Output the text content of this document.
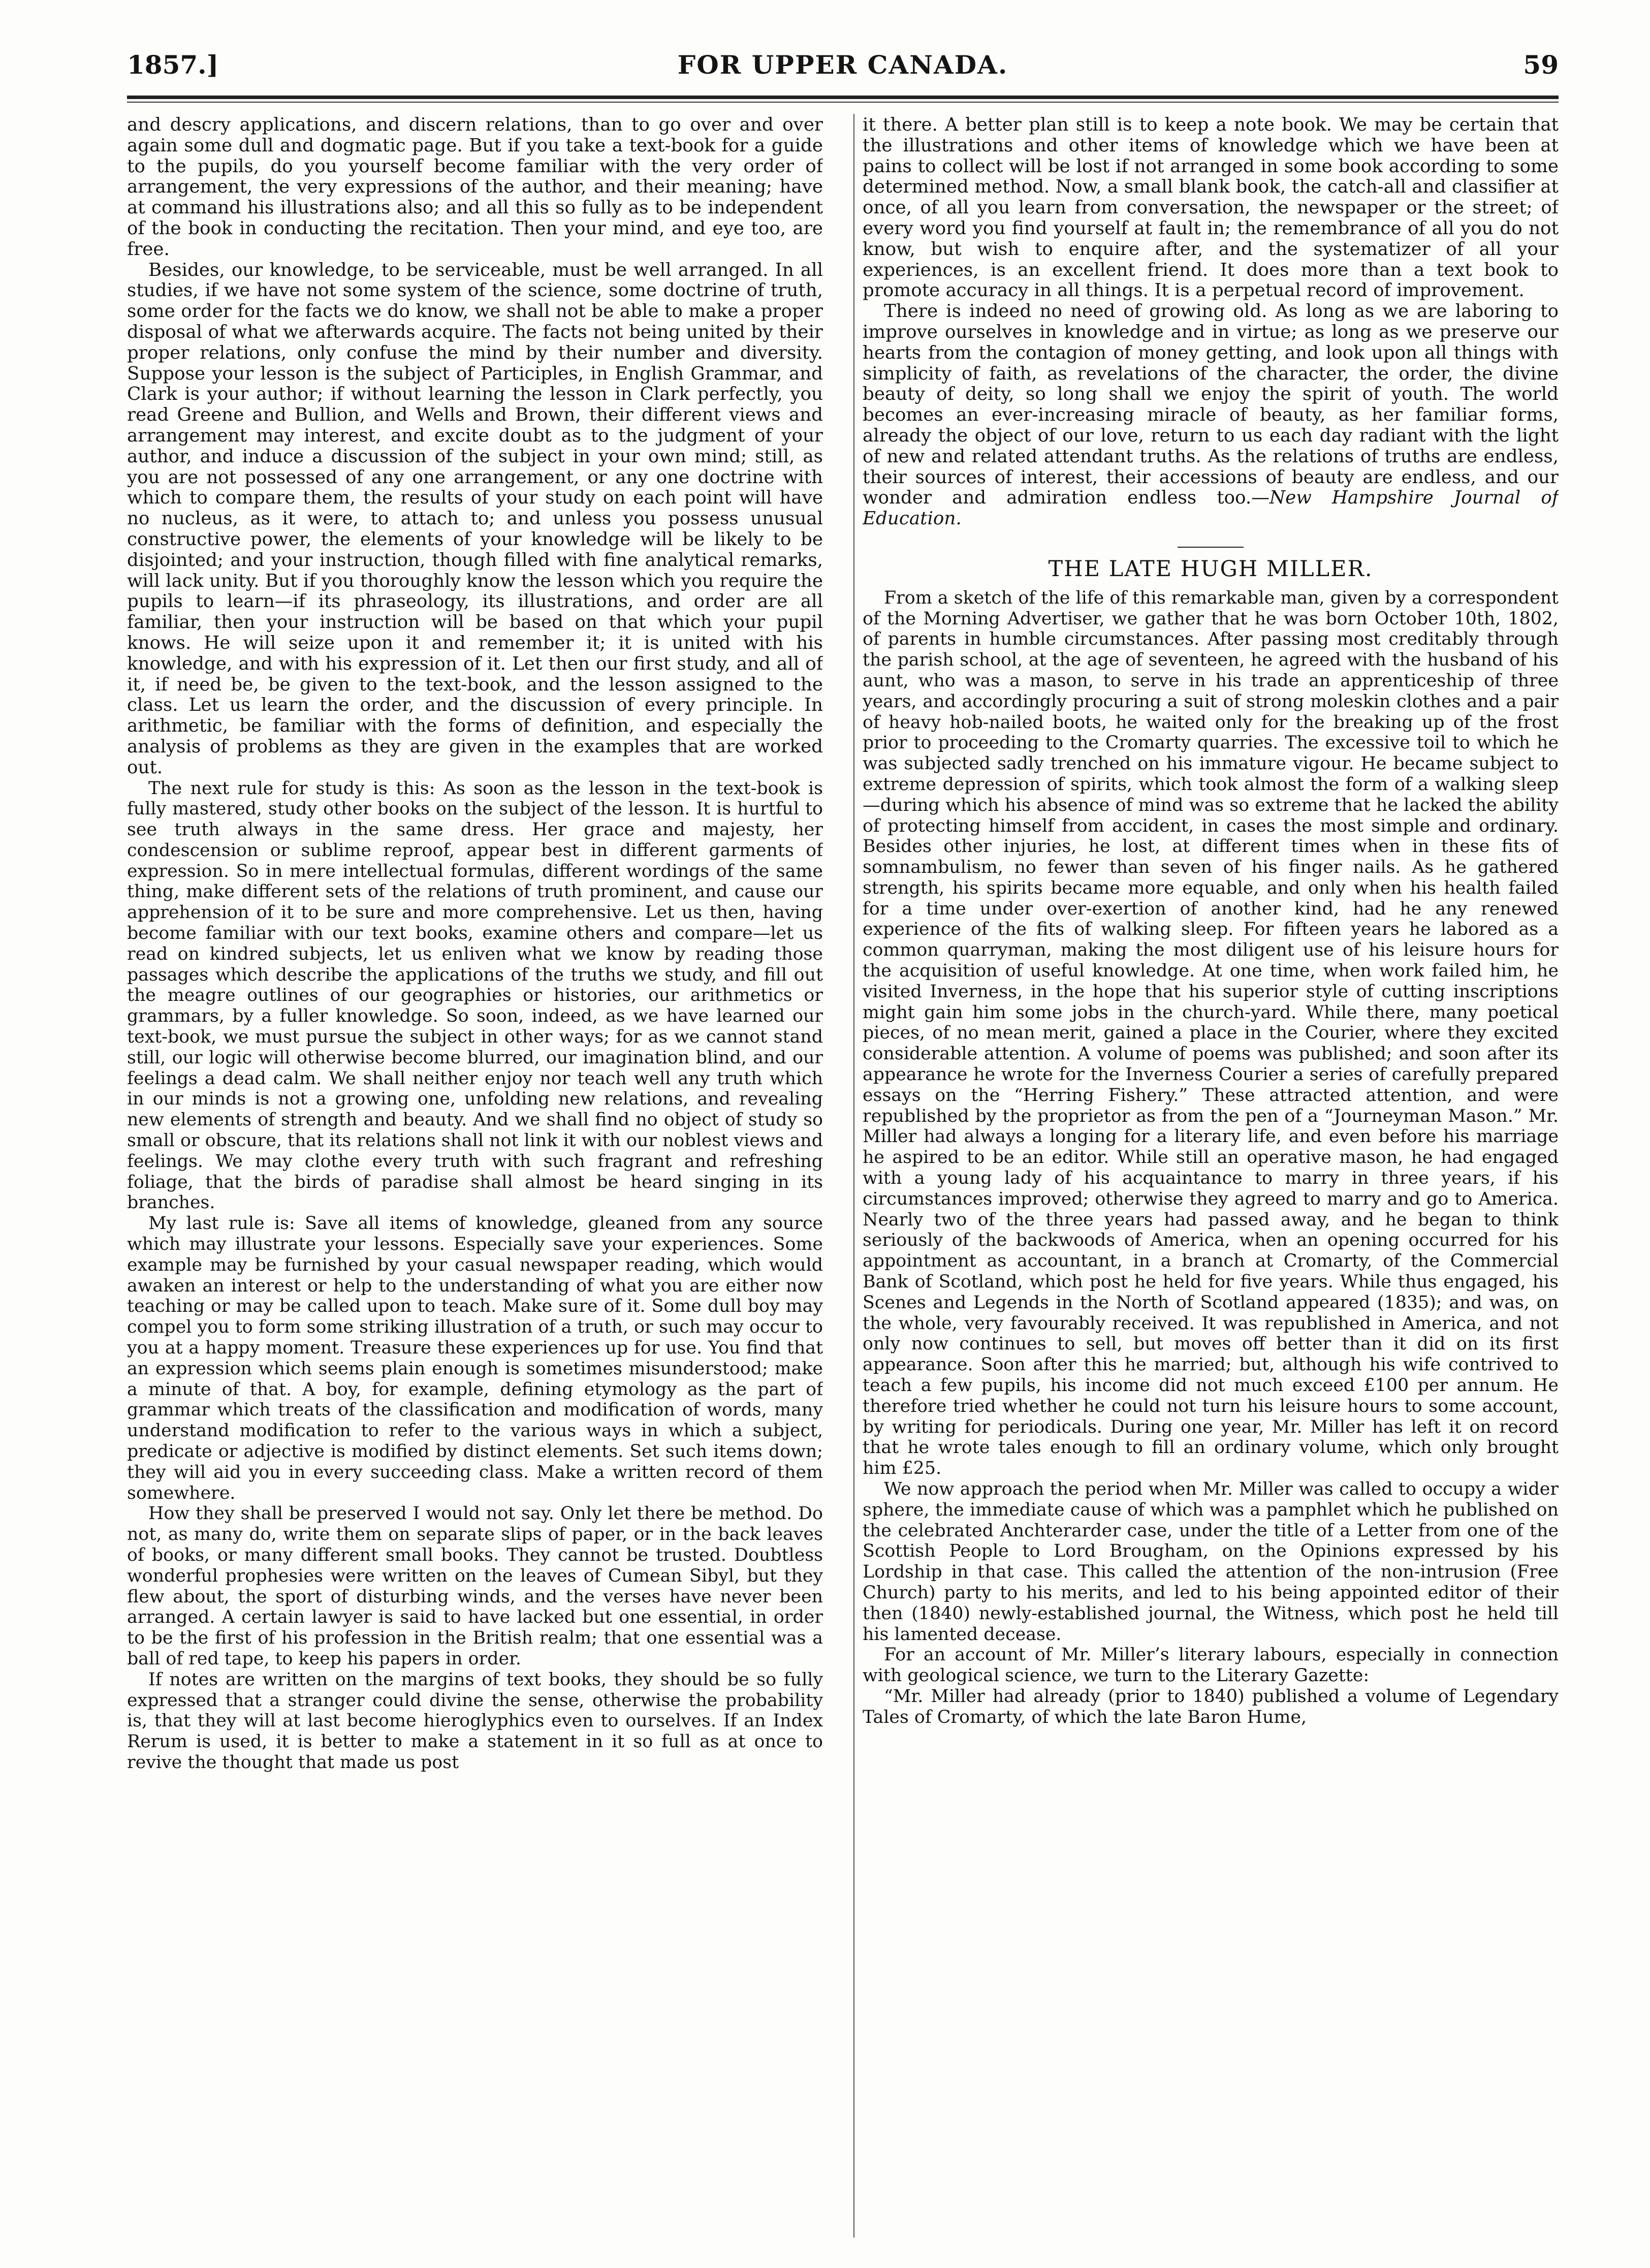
1857.]	FOR UPPER CANADA.	59

and descry applications, and discern relations, than to go over and over again some dull and dogmatic page. But if you take a text-book for a guide to the pupils, do you yourself become familiar with the very order of arrangement, the very expressions of the author, and their meaning; have at command his illustrations also; and all this so fully as to be independent of the book in conducting the recitation. Then your mind, and eye too, are free.

Besides, our knowledge, to be serviceable, must be well arranged. In all studies, if we have not some system of the science, some doctrine of truth, some order for the facts we do know, we shall not be able to make a proper disposal of what we afterwards acquire. The facts not being united by their proper relations, only confuse the mind by their number and diversity. Suppose your lesson is the subject of Participles, in English Grammar, and Clark is your author; if without learning the lesson in Clark perfectly, you read Greene and Bullion, and Wells and Brown, their different views and arrangement may interest, and excite doubt as to the judgment of your author, and induce a discussion of the subject in your own mind; still, as you are not possessed of any one arrangement, or any one doctrine with which to compare them, the results of your study on each point will have no nucleus, as it were, to attach to; and unless you possess unusual constructive power, the elements of your knowledge will be likely to be disjointed; and your instruction, though filled with fine analytical remarks, will lack unity. But if you thoroughly know the lesson which you require the pupils to learn—if its phraseology, its illustrations, and order are all familiar, then your instruction will be based on that which your pupil knows. He will seize upon it and remember it; it is united with his knowledge, and with his expression of it. Let then our first study, and all of it, if need be, be given to the text-book, and the lesson assigned to the class. Let us learn the order, and the discussion of every principle. In arithmetic, be familiar with the forms of definition, and especially the analysis of problems as they are given in the examples that are worked out.

The next rule for study is this: As soon as the lesson in the text-book is fully mastered, study other books on the subject of the lesson. It is hurtful to see truth always in the same dress. Her grace and majesty, her condescension or sublime reproof, appear best in different garments of expression. So in mere intellectual formulas, different wordings of the same thing, make different sets of the relations of truth prominent, and cause our apprehension of it to be sure and more comprehensive. Let us then, having become familiar with our text books, examine others and compare—let us read on kindred subjects, let us enliven what we know by reading those passages which describe the applications of the truths we study, and fill out the meagre outlines of our geographies or histories, our arithmetics or grammars, by a fuller knowledge. So soon, indeed, as we have learned our text-book, we must pursue the subject in other ways; for as we cannot stand still, our logic will otherwise become blurred, our imagination blind, and our feelings a dead calm. We shall neither enjoy nor teach well any truth which in our minds is not a growing one, unfolding new relations, and revealing new elements of strength and beauty. And we shall find no object of study so small or obscure, that its relations shall not link it with our noblest views and feelings. We may clothe every truth with such fragrant and refreshing foliage, that the birds of paradise shall almost be heard singing in its branches.

My last rule is: Save all items of knowledge, gleaned from any source which may illustrate your lessons. Especially save your experiences. Some example may be furnished by your casual newspaper reading, which would awaken an interest or help to the understanding of what you are either now teaching or may be called upon to teach. Make sure of it. Some dull boy may compel you to form some striking illustration of a truth, or such may occur to you at a happy moment. Treasure these experiences up for use. You find that an expression which seems plain enough is sometimes misunderstood; make a minute of that. A boy, for example, defining etymology as the part of grammar which treats of the classification and modification of words, many understand modification to refer to the various ways in which a subject, predicate or adjective is modified by distinct elements. Set such items down; they will aid you in every succeeding class. Make a written record of them somewhere.

How they shall be preserved I would not say. Only let there be method. Do not, as many do, write them on separate slips of paper, or in the back leaves of books, or many different small books. They cannot be trusted. Doubtless wonderful prophesies were written on the leaves of Cumean Sibyl, but they flew about, the sport of disturbing winds, and the verses have never been arranged. A certain lawyer is said to have lacked but one essential, in order to be the first of his profession in the British realm; that one essential was a ball of red tape, to keep his papers in order.

If notes are written on the margins of text books, they should be so fully expressed that a stranger could divine the sense, otherwise the probability is, that they will at last become hieroglyphics even to ourselves. If an Index Rerum is used, it is better to make a statement in it so full as at once to revive the thought that made us post

it there. A better plan still is to keep a note book. We may be certain that the illustrations and other items of knowledge which we have been at pains to collect will be lost if not arranged in some book according to some determined method. Now, a small blank book, the catch-all and classifier at once, of all you learn from conversation, the newspaper or the street; of every word you find yourself at fault in; the remembrance of all you do not know, but wish to enquire after, and the systematizer of all your experiences, is an excellent friend. It does more than a text book to promote accuracy in all things. It is a perpetual record of improvement.

There is indeed no need of growing old. As long as we are laboring to improve ourselves in knowledge and in virtue; as long as we preserve our hearts from the contagion of money getting, and look upon all things with simplicity of faith, as revelations of the character, the order, the divine beauty of deity, so long shall we enjoy the spirit of youth. The world becomes an ever-increasing miracle of beauty, as her familiar forms, already the object of our love, return to us each day radiant with the light of new and related attendant truths. As the relations of truths are endless, their sources of interest, their accessions of beauty are endless, and our wonder and admiration endless too.—New Hampshire Journal of Education.

THE LATE HUGH MILLER.

From a sketch of the life of this remarkable man, given by a correspondent of the Morning Advertiser, we gather that he was born October 10th, 1802, of parents in humble circumstances. After passing most creditably through the parish school, at the age of seventeen, he agreed with the husband of his aunt, who was a mason, to serve in his trade an apprenticeship of three years, and accordingly procuring a suit of strong moleskin clothes and a pair of heavy hob-nailed boots, he waited only for the breaking up of the frost prior to proceeding to the Cromarty quarries. The excessive toil to which he was subjected sadly trenched on his immature vigour. He became subject to extreme depression of spirits, which took almost the form of a walking sleep—during which his absence of mind was so extreme that he lacked the ability of protecting himself from accident, in cases the most simple and ordinary. Besides other injuries, he lost, at different times when in these fits of somnambulism, no fewer than seven of his finger nails. As he gathered strength, his spirits became more equable, and only when his health failed for a time under over-exertion of another kind, had he any renewed experience of the fits of walking sleep. For fifteen years he labored as a common quarryman, making the most diligent use of his leisure hours for the acquisition of useful knowledge. At one time, when work failed him, he visited Inverness, in the hope that his superior style of cutting inscriptions might gain him some jobs in the church-yard. While there, many poetical pieces, of no mean merit, gained a place in the Courier, where they excited considerable attention. A volume of poems was published; and soon after its appearance he wrote for the Inverness Courier a series of carefully prepared essays on the “Herring Fishery.” These attracted attention, and were republished by the proprietor as from the pen of a “Journeyman Mason.” Mr. Miller had always a longing for a literary life, and even before his marriage he aspired to be an editor. While still an operative mason, he had engaged with a young lady of his acquaintance to marry in three years, if his circumstances improved; otherwise they agreed to marry and go to America. Nearly two of the three years had passed away, and he began to think seriously of the backwoods of America, when an opening occurred for his appointment as accountant, in a branch at Cromarty, of the Commercial Bank of Scotland, which post he held for five years. While thus engaged, his Scenes and Legends in the North of Scotland appeared (1835); and was, on the whole, very favourably received. It was republished in America, and not only now continues to sell, but moves off better than it did on its first appearance. Soon after this he married; but, although his wife contrived to teach a few pupils, his income did not much exceed £100 per annum. He therefore tried whether he could not turn his leisure hours to some account, by writing for periodicals. During one year, Mr. Miller has left it on record that he wrote tales enough to fill an ordinary volume, which only brought him £25.

We now approach the period when Mr. Miller was called to occupy a wider sphere, the immediate cause of which was a pamphlet which he published on the celebrated Anchterarder case, under the title of a Letter from one of the Scottish People to Lord Brougham, on the Opinions expressed by his Lordship in that case. This called the attention of the non-intrusion (Free Church) party to his merits, and led to his being appointed editor of their then (1840) newly-established journal, the Witness, which post he held till his lamented decease.

For an account of Mr. Miller’s literary labours, especially in connection with geological science, we turn to the Literary Gazette:

“Mr. Miller had already (prior to 1840) published a volume of Legendary Tales of Cromarty, of which the late Baron Hume,
